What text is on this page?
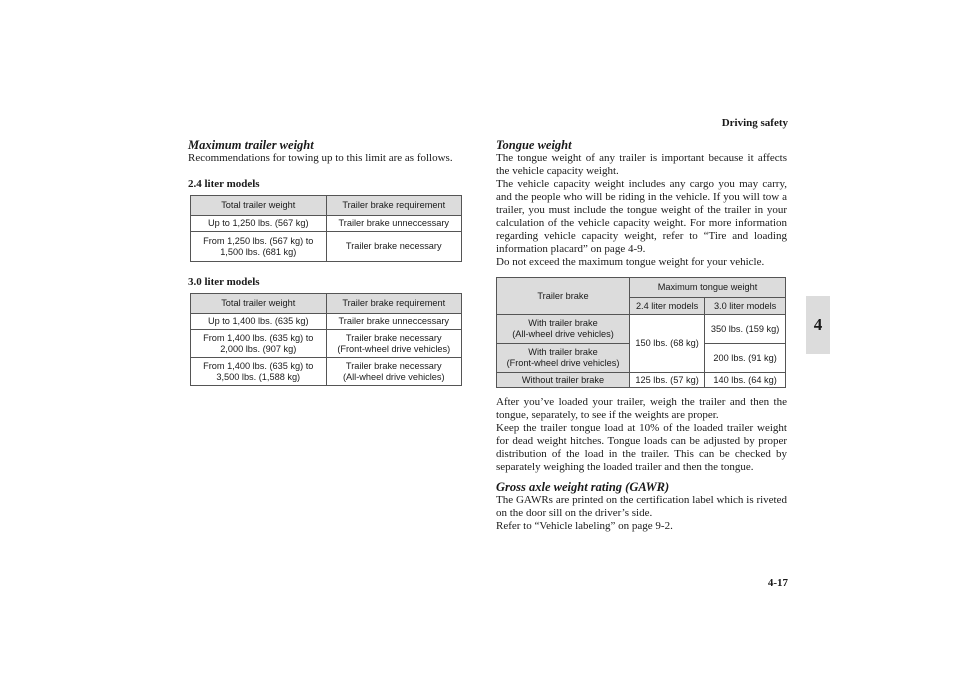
Driving safety
4
4-17

Maximum trailer weight

Recommendations for towing up to this limit are as follows.

2.4 liter models

Total trailer weight	Trailer brake requirement
Up to 1,250 lbs. (567 kg)	Trailer brake unneccessary
From 1,250 lbs. (567 kg) to
1,500 lbs. (681 kg)	Trailer brake necessary

3.0 liter models

Total trailer weight	Trailer brake requirement
Up to 1,400 lbs. (635 kg)	Trailer brake unneccessary
From 1,400 lbs. (635 kg) to
2,000 lbs. (907 kg)	Trailer brake necessary
(Front-wheel drive vehicles)
From 1,400 lbs. (635 kg) to
3,500 lbs. (1,588 kg)	Trailer brake necessary
(All-wheel drive vehicles)

Tongue weight

The tongue weight of any trailer is important because it affects the vehicle capacity weight.

The vehicle capacity weight includes any cargo you may carry, and the people who will be riding in the vehicle. If you will tow a trailer, you must include the tongue weight of the trailer in your calculation of the vehicle capacity weight. For more information regarding vehicle capacity weight, refer to “Tire and loading information placard” on page 4-9.

Do not exceed the maximum tongue weight for your vehicle.

Trailer brake	Maximum tongue weight	
	2.4 liter models	3.0 liter models
With trailer brake
(All-wheel drive vehicles)	150 lbs. (68 kg)	350 lbs. (159 kg)
With trailer brake
(Front-wheel drive vehicles)		200 lbs. (91 kg)
Without trailer brake	125 lbs. (57 kg)	140 lbs. (64 kg)

After you’ve loaded your trailer, weigh the trailer and then the tongue, separately, to see if the weights are proper.

Keep the trailer tongue load at 10% of the loaded trailer weight for dead weight hitches. Tongue loads can be adjusted by proper distribution of the load in the trailer. This can be checked by separately weighing the loaded trailer and then the tongue.

Gross axle weight rating (GAWR)

The GAWRs are printed on the certification label which is riveted on the door sill on the driver’s side.

Refer to “Vehicle labeling” on page 9-2.
